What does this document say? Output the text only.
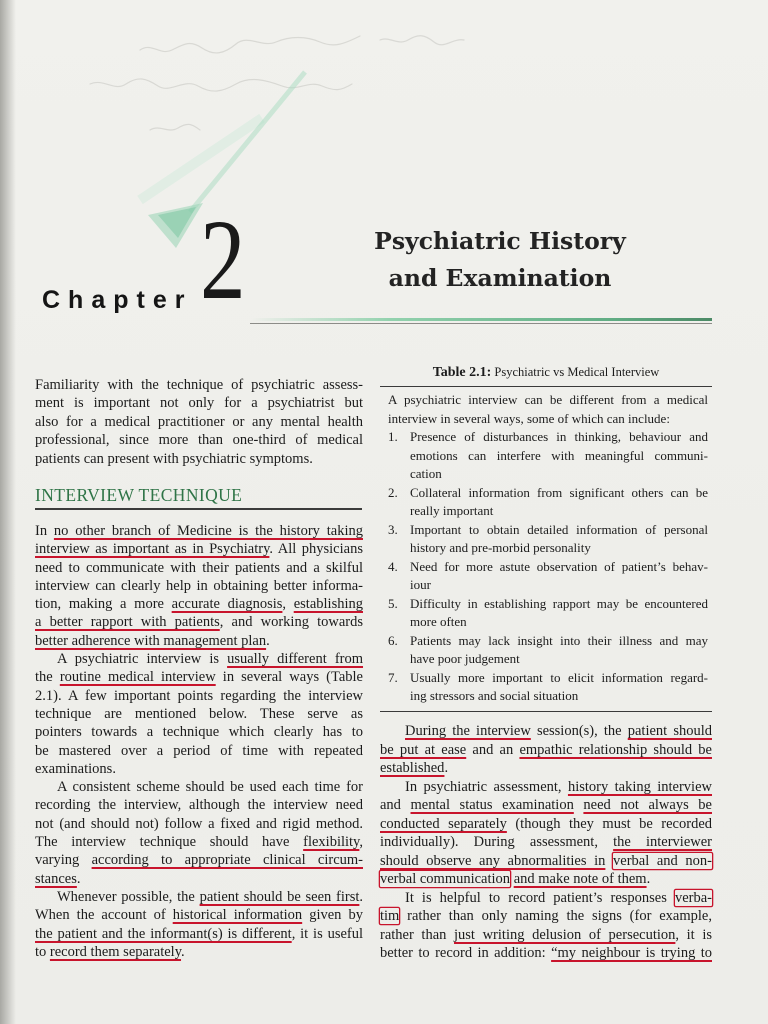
Chapter 2	Psychiatric History
and Examination
Familiarity with the technique of psychiatric assess-
ment is important not only for a psychiatrist but
also for a medical practitioner or any mental health
professional, since more than one-third of medical
patients can present with psychiatric symptoms.
INTERVIEW TECHNIQUE
In no other branch of Medicine is the history taking
interview as important as in Psychiatry. All physicians
need to communicate with their patients and a skilful
interview can clearly help in obtaining better informa-
tion, making a more accurate diagnosis, establishing
a better rapport with patients, and working towards
better adherence with management plan.
A psychiatric interview is usually different from
the routine medical interview in several ways (Table
2.1). A few important points regarding the interview
technique are mentioned below. These serve as
pointers towards a technique which clearly has to
be mastered over a period of time with repeated
examinations.
A consistent scheme should be used each time for
recording the interview, although the interview need
not (and should not) follow a fixed and rigid method.
The interview technique should have flexibility,
varying according to appropriate clinical circum-
stances.
Whenever possible, the patient should be seen first.
When the account of historical information given by
the patient and the informant(s) is different, it is useful
to record them separately.
Table 2.1: Psychiatric vs Medical Interview
A psychiatric interview can be different from a medical
interview in several ways, some of which can include:
1. Presence of disturbances in thinking, behaviour and
emotions can interfere with meaningful communi-
cation
2. Collateral information from significant others can be
really important
3. Important to obtain detailed information of personal
history and pre-morbid personality
4. Need for more astute observation of patient’s behav-
iour
5. Difficulty in establishing rapport may be encountered
more often
6. Patients may lack insight into their illness and may
have poor judgement
7. Usually more important to elicit information regard-
ing stressors and social situation
During the interview session(s), the patient should
be put at ease and an empathic relationship should be
established.
In psychiatric assessment, history taking interview
and mental status examination need not always be
conducted separately (though they must be recorded
individually). During assessment, the interviewer
should observe any abnormalities in verbal and non-
verbal communication and make note of them.
It is helpful to record patient’s responses verba-
tim rather than only naming the signs (for example,
rather than just writing delusion of persecution, it is
better to record in addition: “my neighbour is trying to
